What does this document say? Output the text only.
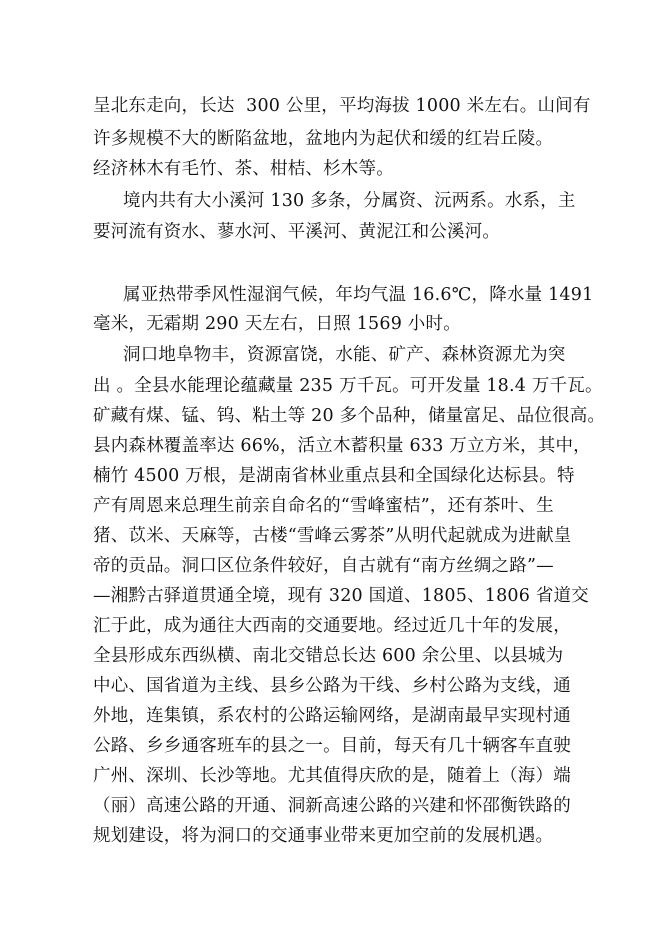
呈北东走向，长达  300 公里，平均海拔 1000 米左右。山间有
许多规模不大的断陷盆地，盆地内为起伏和缓的红岩丘陵。
经济林木有毛竹、茶、柑桔、杉木等。
境内共有大小溪河 130 多条，分属资、沅两系。水系，主
要河流有资水、蓼水河、平溪河、黄泥江和公溪河。
属亚热带季风性湿润气候，年均气温 16.6℃，降水量 1491
毫米，无霜期 290 天左右，日照 1569 小时。
洞口地阜物丰，资源富饶，水能、矿产、森林资源尤为突
出 。全县水能理论蕴藏量 235 万千瓦。可开发量 18.4 万千瓦。
矿藏有煤、锰、钨、粘土等 20 多个品种，储量富足、品位很高。
县内森林覆盖率达 66%，活立木蓄积量 633 万立方米，其中，
楠竹 4500 万根，是湖南省林业重点县和全国绿化达标县。特
产有周恩来总理生前亲自命名的“雪峰蜜桔”，还有茶叶、生
猪、苡米、天麻等，古楼“雪峰云雾茶”从明代起就成为进献皇
帝的贡品。洞口区位条件较好，自古就有“南方丝绸之路”—
—湘黔古驿道贯通全境，现有 320 国道、1805、1806 省道交
汇于此，成为通往大西南的交通要地。经过近几十年的发展，
全县形成东西纵横、南北交错总长达 600 余公里、以县城为
中心、国省道为主线、县乡公路为干线、乡村公路为支线，通
外地，连集镇，系农村的公路运输网络，是湖南最早实现村通
公路、乡乡通客班车的县之一。目前，每天有几十辆客车直驶
广州、深圳、长沙等地。尤其值得庆欣的是，随着上（海）端
（丽）高速公路的开通、洞新高速公路的兴建和怀邵衡铁路的
规划建设，将为洞口的交通事业带来更加空前的发展机遇。
